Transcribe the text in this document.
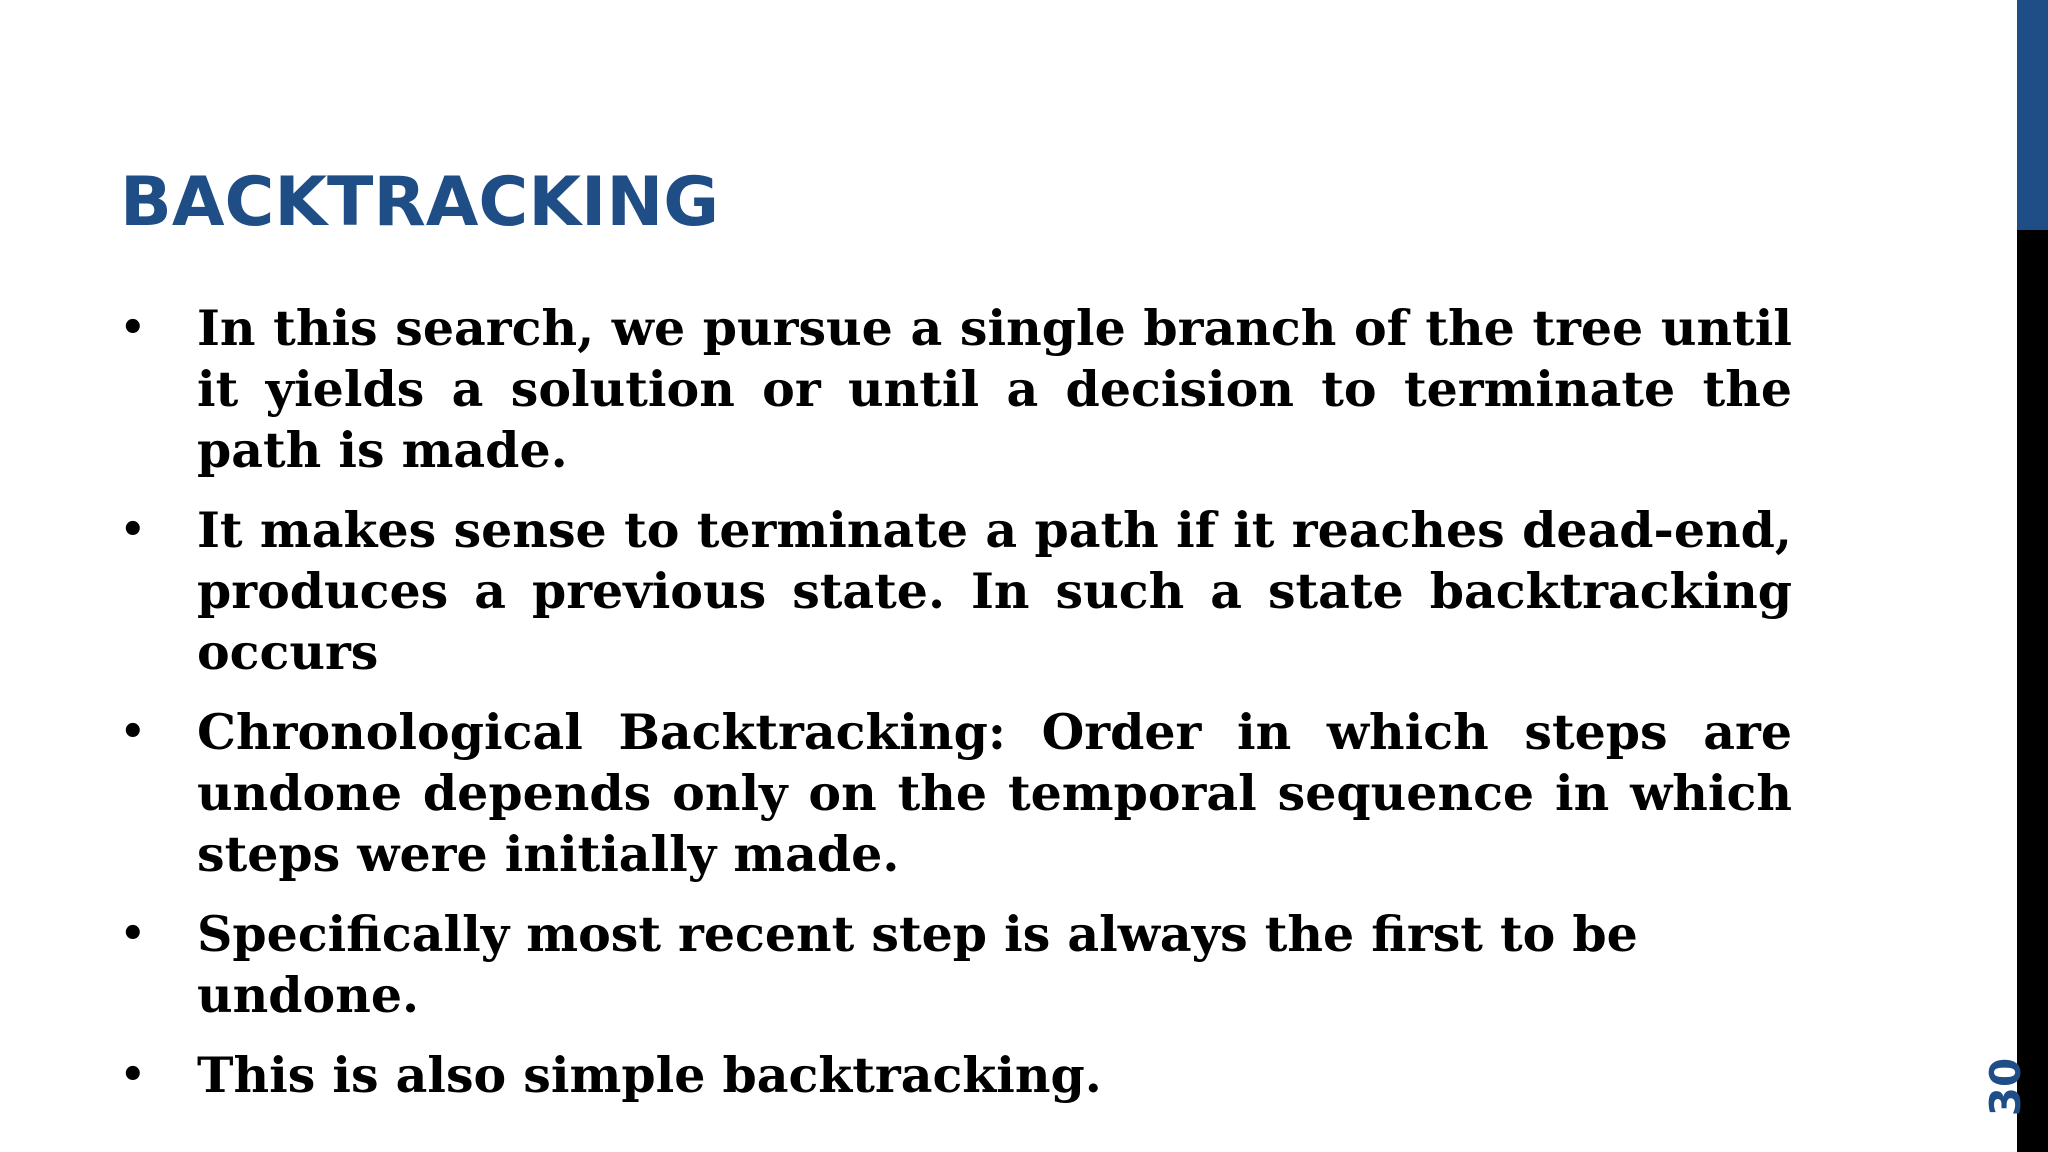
BACKTRACKING
• In this search, we pursue a single branch of the tree until it yields a solution or until a decision to terminate the path is made.
• It makes sense to terminate a path if it reaches dead-end, produces a previous state. In such a state backtracking occurs
• Chronological Backtracking: Order in which steps are undone depends only on the temporal sequence in which steps were initially made.
• Specifically most recent step is always the first to be undone.
• This is also simple backtracking.	30
